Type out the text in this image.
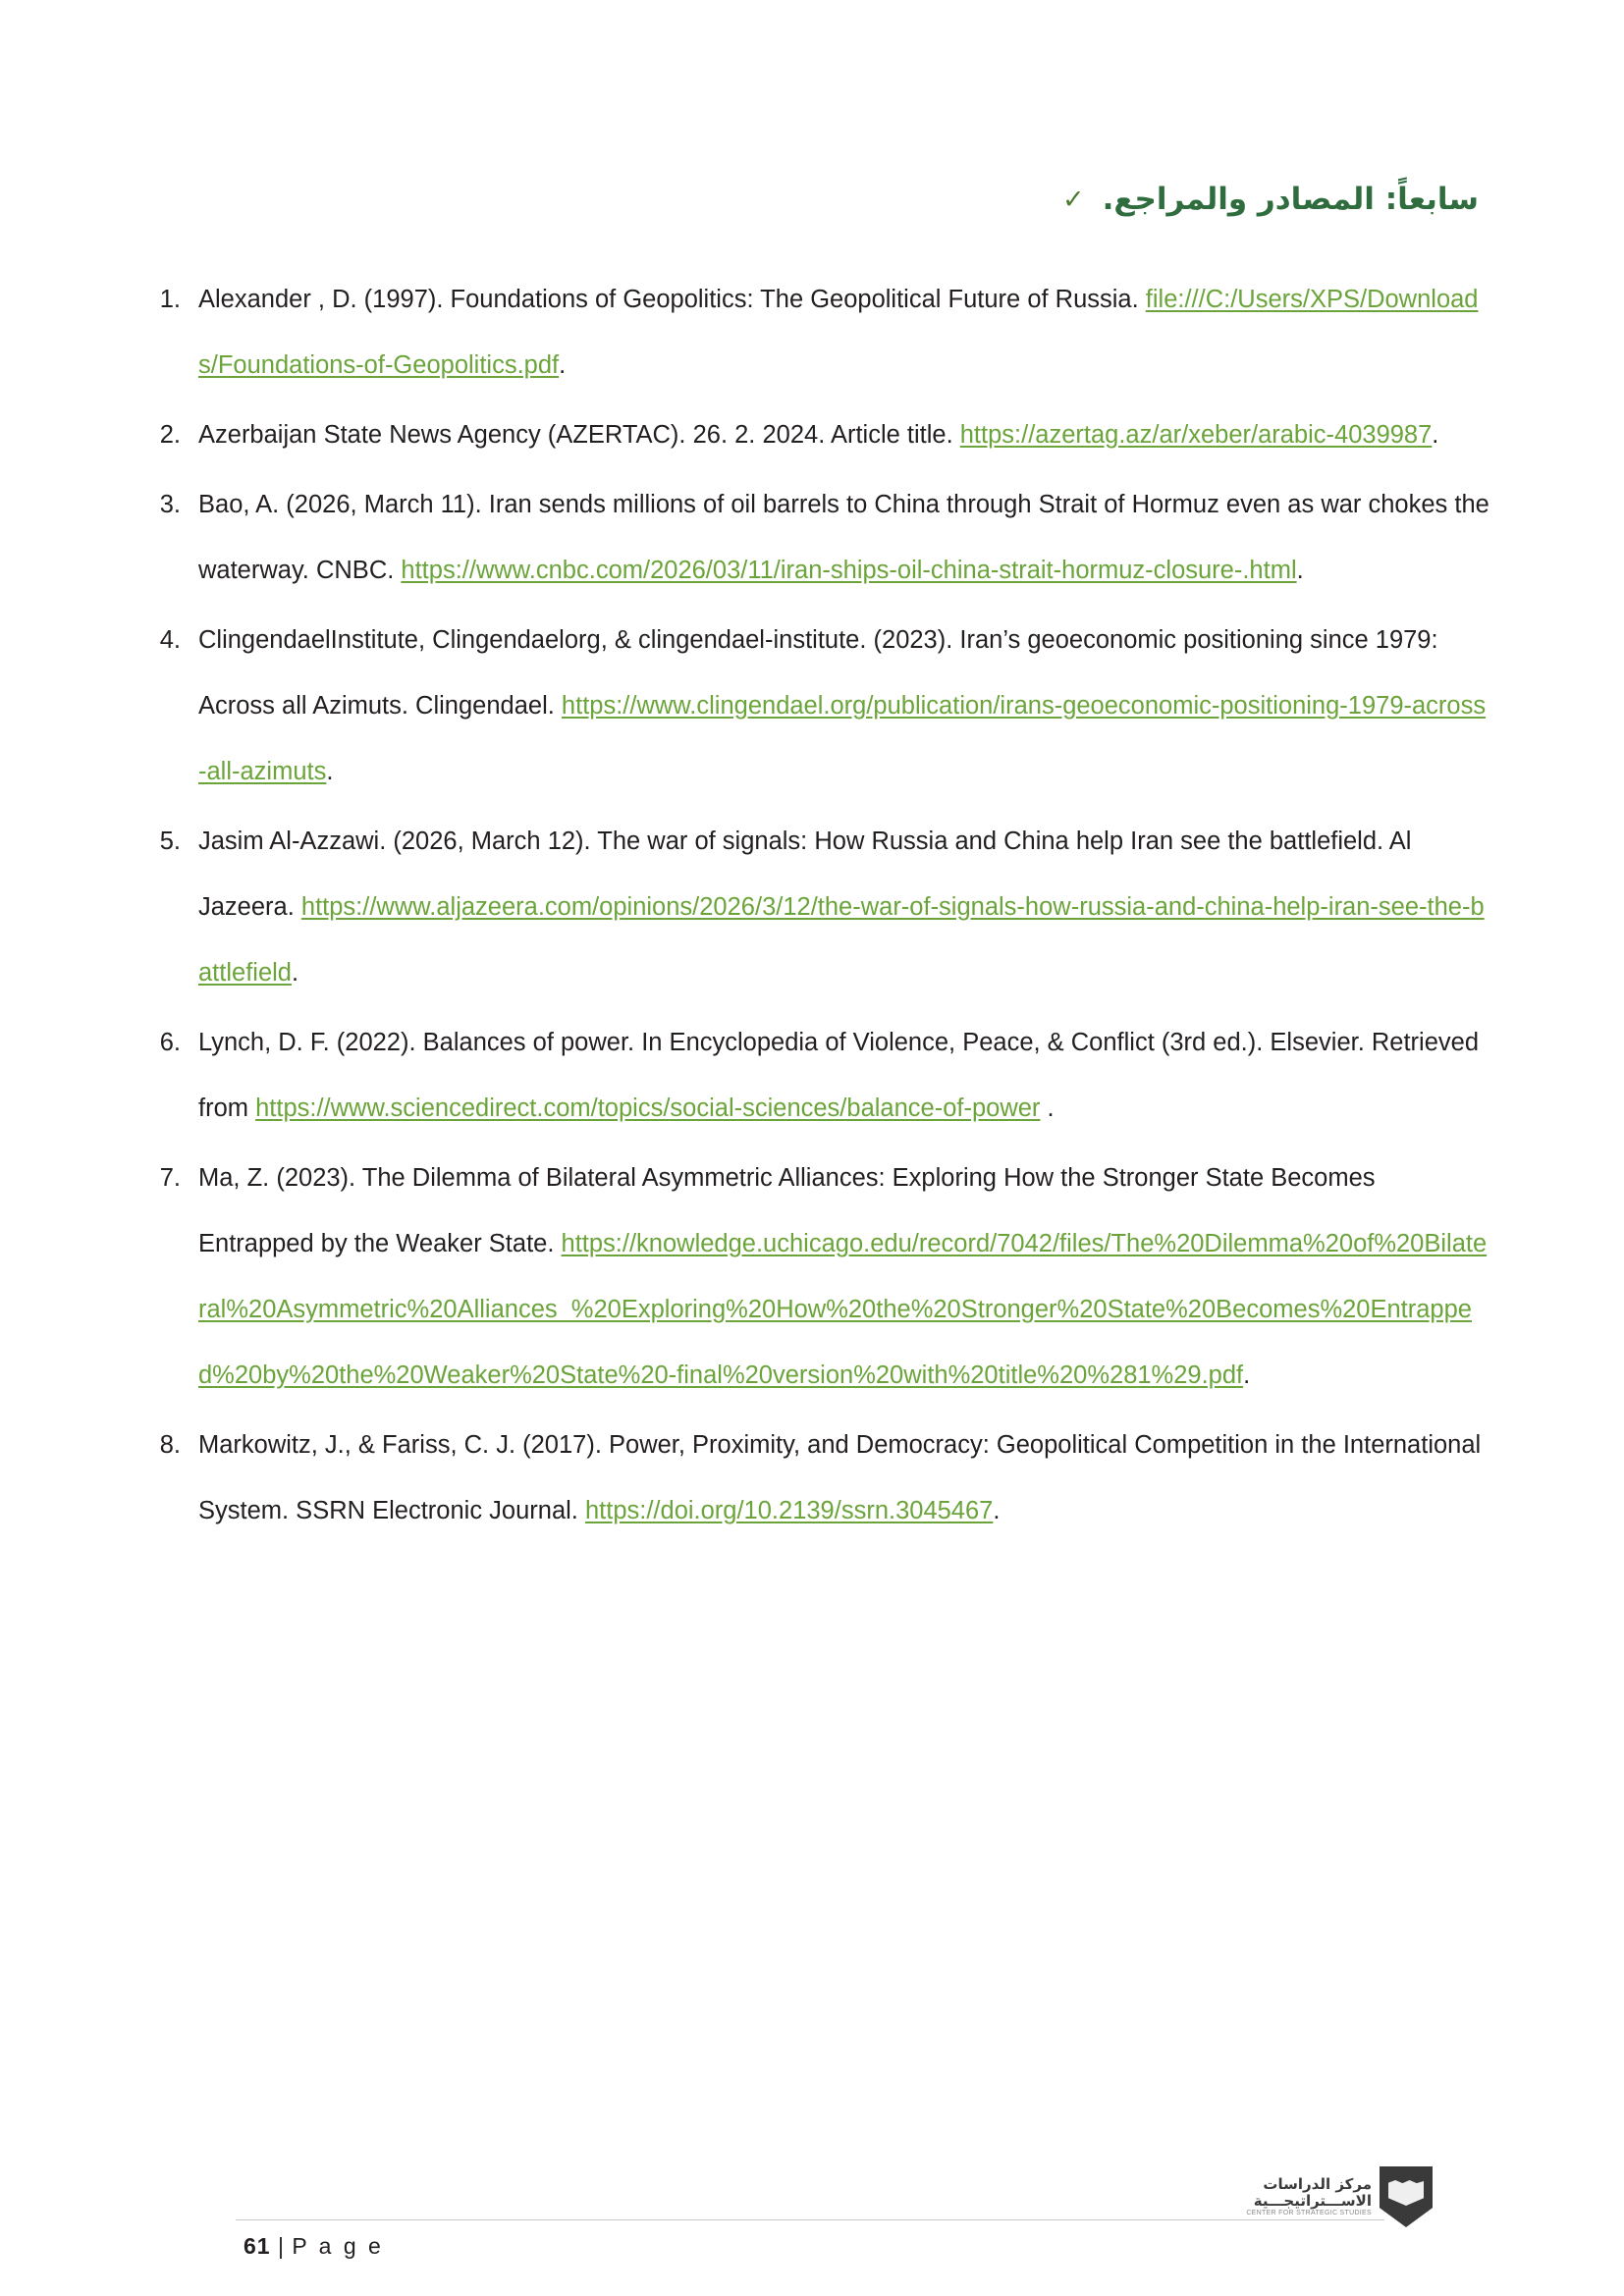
سابعاً: المصادر والمراجع.
✓
1. Alexander , D. (1997). Foundations of Geopolitics: The Geopolitical Future of Russia. file:///C:/Users/XPS/Downloads/Foundations-of-Geopolitics.pdf.
2. Azerbaijan State News Agency (AZERTAC). 26. 2. 2024. Article title. https://azertag.az/ar/xeber/arabic-4039987.
3. Bao, A. (2026, March 11). Iran sends millions of oil barrels to China through Strait of Hormuz even as war chokes the waterway. CNBC. https://www.cnbc.com/2026/03/11/iran-ships-oil-china-strait-hormuz-closure-.html.
4. ClingendaelInstitute, Clingendaelorg, & clingendael-institute. (2023). Iran’s geoeconomic positioning since 1979: Across all Azimuts. Clingendael. https://www.clingendael.org/publication/irans-geoeconomic-positioning-1979-across-all-azimuts.
5. Jasim Al-Azzawi. (2026, March 12). The war of signals: How Russia and China help Iran see the battlefield. Al Jazeera. https://www.aljazeera.com/opinions/2026/3/12/the-war-of-signals-how-russia-and-china-help-iran-see-the-battlefield.
6. Lynch, D. F. (2022). Balances of power. In Encyclopedia of Violence, Peace, & Conflict (3rd ed.). Elsevier. Retrieved from https://www.sciencedirect.com/topics/social-sciences/balance-of-power .
7. Ma, Z. (2023). The Dilemma of Bilateral Asymmetric Alliances: Exploring How the Stronger State Becomes Entrapped by the Weaker State. https://knowledge.uchicago.edu/record/7042/files/The%20Dilemma%20of%20Bilateral%20Asymmetric%20Alliances_%20Exploring%20How%20the%20Stronger%20State%20Becomes%20Entrapped%20by%20the%20Weaker%20State%20-final%20version%20with%20title%20%281%29.pdf.
8. Markowitz, J., & Fariss, C. J. (2017). Power, Proximity, and Democracy: Geopolitical Competition in the International System. SSRN Electronic Journal. https://doi.org/10.2139/ssrn.3045467.
61 | P a g e
مركز الدراسات
الاســـتراتيجـــية
CENTER FOR STRATEGIC STUDIES
